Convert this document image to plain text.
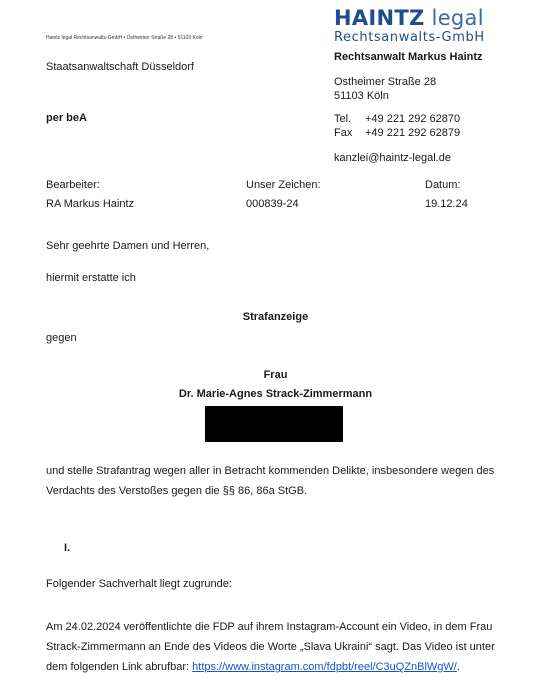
HAINTZ legal
Rechtsanwalts-GmbH
Haintz legal Rechtsanwalts-GmbH • Ostheimer Straße 28 • 51103 Köln
Rechtsanwalt Markus Haintz
Ostheimer Straße 28
51103 Köln
Tel. +49 221 292 62870
Fax +49 221 292 62879
kanzlei@haintz-legal.de
Staatsanwaltschaft Düsseldorf
per beA
Bearbeiter:
RA Markus Haintz
Unser Zeichen:
000839-24
Datum:
19.12.24
Sehr geehrte Damen und Herren,
hiermit erstatte ich
Strafanzeige
gegen
Frau
Dr. Marie-Agnes Strack-Zimmermann
und stelle Strafantrag wegen aller in Betracht kommenden Delikte, insbesondere wegen des
Verdachts des Verstoßes gegen die §§ 86, 86a StGB.
I.
Folgender Sachverhalt liegt zugrunde:
Am 24.02.2024 veröffentlichte die FDP auf ihrem Instagram-Account ein Video, in dem Frau
Strack-Zimmermann an Ende des Videos die Worte „Slava Ukraini“ sagt. Das Video ist unter
dem folgenden Link abrufbar: https://www.instagram.com/fdpbt/reel/C3uQZnBlWgW/.
